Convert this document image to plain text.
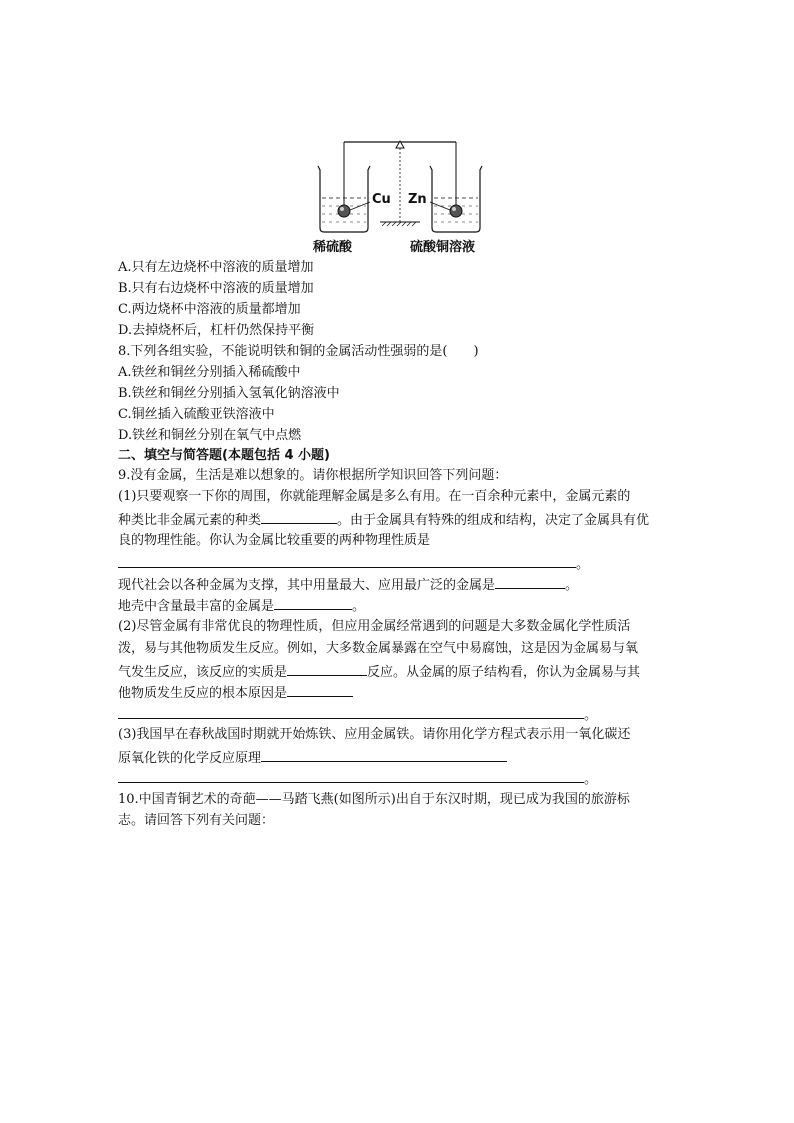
Cu Zn
稀硫酸	硫酸铜溶液
A.只有左边烧杯中溶液的质量增加
B.只有右边烧杯中溶液的质量增加
C.两边烧杯中溶液的质量都增加
D.去掉烧杯后，杠杆仍然保持平衡
8.下列各组实验，不能说明铁和铜的金属活动性强弱的是(　　)
A.铁丝和铜丝分别插入稀硫酸中
B.铁丝和铜丝分别插入氢氧化钠溶液中
C.铜丝插入硫酸亚铁溶液中
D.铁丝和铜丝分别在氧气中点燃
二、填空与简答题(本题包括 4 小题)
9.没有金属，生活是难以想象的。请你根据所学知识回答下列问题：
(1)只要观察一下你的周围，你就能理解金属是多么有用。在一百余种元素中，金属元素的
种类比非金属元素的种类	。由于金属具有特殊的组成和结构，决定了金属具有优
良的物理性能。你认为金属比较重要的两种物理性质是
。
现代社会以各种金属为支撑，其中用量最大、应用最广泛的金属是	。
地壳中含量最丰富的金属是	。
(2)尽管金属有非常优良的物理性质，但应用金属经常遇到的问题是大多数金属化学性质活
泼，易与其他物质发生反应。例如，大多数金属暴露在空气中易腐蚀，这是因为金属易与氧
气发生反应，该反应的实质是	反应。从金属的原子结构看，你认为金属易与其
他物质发生反应的根本原因是
。
(3)我国早在春秋战国时期就开始炼铁、应用金属铁。请你用化学方程式表示用一氧化碳还
原氧化铁的化学反应原理
。
10.中国青铜艺术的奇葩——马踏飞燕(如图所示)出自于东汉时期，现已成为我国的旅游标
志。请回答下列有关问题：
